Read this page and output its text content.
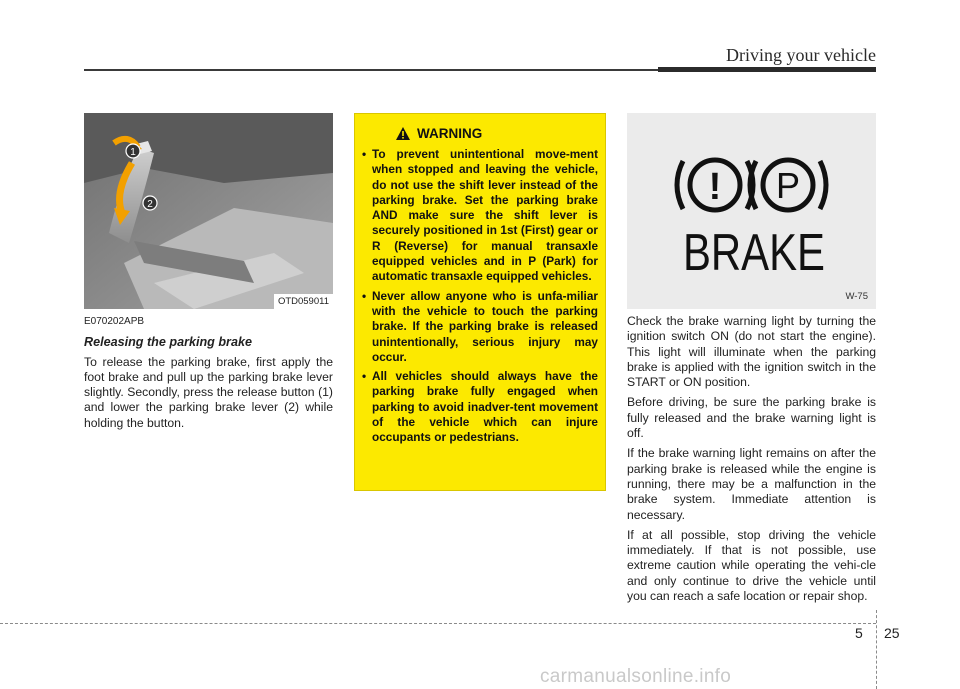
Driving your vehicle
1
2
OTD059011
E070202APB
Releasing the parking brake

To release the parking brake, first apply the foot brake and pull up the parking brake lever slightly. Secondly, press the release button (1) and lower the parking brake lever (2) while holding the button.

WARNING
• To prevent unintentional move-ment when stopped and leaving the vehicle, do not use the shift lever instead of the parking brake. Set the parking brake AND make sure the shift lever is securely positioned in 1st (First) gear or R (Reverse) for manual transaxle equipped vehicles and in P (Park) for automatic transaxle equipped vehicles.
• Never allow anyone who is unfa-miliar with the vehicle to touch the parking brake. If the parking brake is released unintentionally, serious injury may occur.
• All vehicles should always have the parking brake fully engaged when parking to avoid inadver-tent movement of the vehicle which can injure occupants or pedestrians.
! P
BRAKE
W-75

Check the brake warning light by turning the ignition switch ON (do not start the engine). This light will illuminate when the parking brake is applied with the ignition switch in the START or ON position.

Before driving, be sure the parking brake is fully released and the brake warning light is off.

If the brake warning light remains on after the parking brake is released while the engine is running, there may be a malfunction in the brake system. Immediate attention is necessary.

If at all possible, stop driving the vehicle immediately. If that is not possible, use extreme caution while operating the vehi-cle and only continue to drive the vehicle until you can reach a safe location or repair shop.

5 25
carmanualsonline.info
